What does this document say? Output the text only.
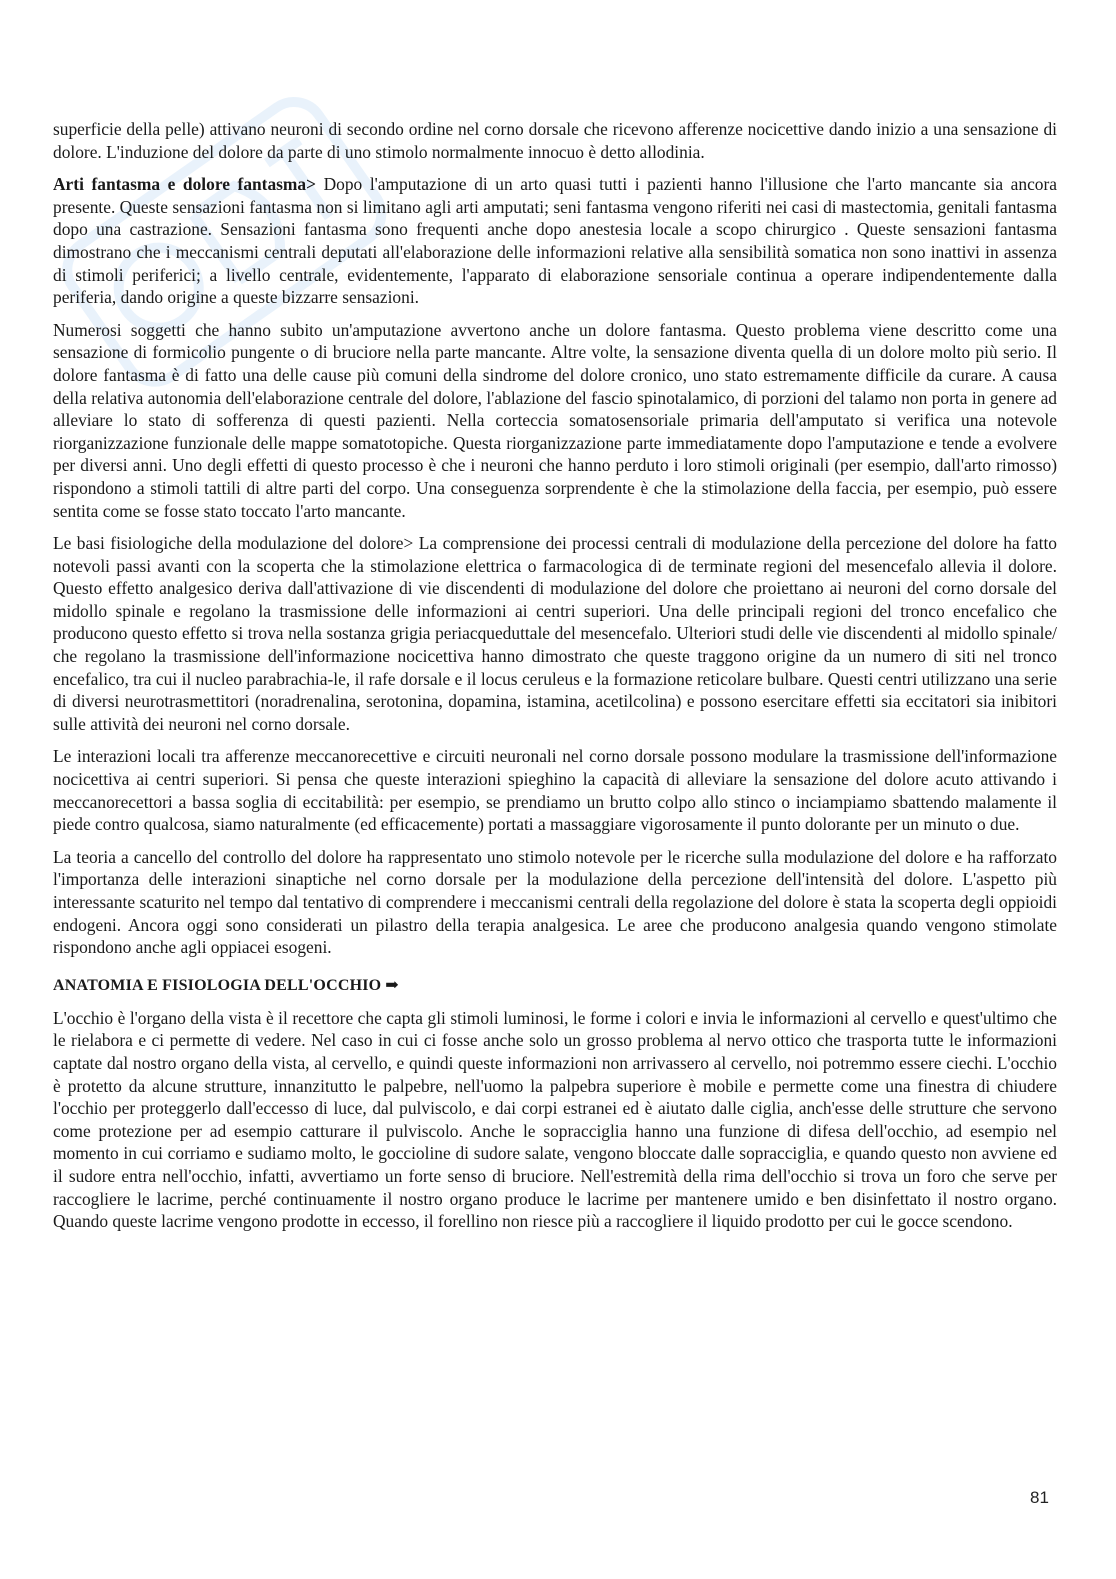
superficie della pelle) attivano neuroni di secondo ordine nel corno dorsale che ricevono afferenze nocicettive dando inizio a una sensazione di dolore. L'induzione del dolore da parte di uno stimolo normalmente innocuo è detto allodinia.

Arti fantasma e dolore fantasma> Dopo l'amputazione di un arto quasi tutti i pazienti hanno l'illusione che l'arto mancante sia ancora presente. Queste sensazioni fantasma non si limitano agli arti amputati; seni fantasma vengono riferiti nei casi di mastectomia, genitali fantasma dopo una castrazione. Sensazioni fantasma sono frequenti anche dopo anestesia locale a scopo chirurgico . Queste sensazioni fantasma dimostrano che i meccanismi centrali deputati all'elaborazione delle informazioni relative alla sensibilità somatica non sono inattivi in assenza di stimoli periferici; a livello centrale, evidentemente, l'apparato di elaborazione sensoriale continua a operare indipendentemente dalla periferia, dando origine a queste bizzarre sensazioni.

Numerosi soggetti che hanno subito un'amputazione avvertono anche un dolore fantasma. Questo problema viene descritto come una sensazione di formicolio pungente o di bruciore nella parte mancante. Altre volte, la sensazione diventa quella di un dolore molto più serio. Il dolore fantasma è di fatto una delle cause più comuni della sindrome del dolore cronico, uno stato estremamente difficile da curare. A causa della relativa autonomia dell'elaborazione centrale del dolore, l'ablazione del fascio spinotalamico, di porzioni del talamo non porta in genere ad alleviare lo stato di sofferenza di questi pazienti. Nella corteccia somatosensoriale primaria dell'amputato si verifica una notevole riorganizzazione funzionale delle mappe somatotopiche. Questa riorganizzazione parte immediatamente dopo l'amputazione e tende a evolvere per diversi anni. Uno degli effetti di questo processo è che i neuroni che hanno perduto i loro stimoli originali (per esempio, dall'arto rimosso) rispondono a stimoli tattili di altre parti del corpo. Una conseguenza sorprendente è che la stimolazione della faccia, per esempio, può essere sentita come se fosse stato toccato l'arto mancante.

Le basi fisiologiche della modulazione del dolore> La comprensione dei processi centrali di modulazione della percezione del dolore ha fatto notevoli passi avanti con la scoperta che la stimolazione elettrica o farmacologica di de terminate regioni del mesencefalo allevia il dolore. Questo effetto analgesico deriva dall'attivazione di vie discendenti di modulazione del dolore che proiettano ai neuroni del corno dorsale del midollo spinale e regolano la trasmissione delle informazioni ai centri superiori. Una delle principali regioni del tronco encefalico che producono questo effetto si trova nella sostanza grigia periacqueduttale del mesencefalo. Ulteriori studi delle vie discendenti al midollo spinale/ che regolano la trasmissione dell'informazione nocicettiva hanno dimostrato che queste traggono origine da un numero di siti nel tronco encefalico, tra cui il nucleo parabrachia-le, il rafe dorsale e il locus ceruleus e la formazione reticolare bulbare. Questi centri utilizzano una serie di diversi neurotrasmettitori (noradrenalina, serotonina, dopamina, istamina, acetilcolina) e possono esercitare effetti sia eccitatori sia inibitori sulle attività dei neuroni nel corno dorsale.

Le interazioni locali tra afferenze meccanorecettive e circuiti neuronali nel corno dorsale possono modulare la trasmissione dell'informazione nocicettiva ai centri superiori. Si pensa che queste interazioni spieghino la capacità di alleviare la sensazione del dolore acuto attivando i meccanorecettori a bassa soglia di eccitabilità: per esempio, se prendiamo un brutto colpo allo stinco o inciampiamo sbattendo malamente il piede contro qualcosa, siamo naturalmente (ed efficacemente) portati a massaggiare vigorosamente il punto dolorante per un minuto o due.

La teoria a cancello del controllo del dolore ha rappresentato uno stimolo notevole per le ricerche sulla modulazione del dolore e ha rafforzato l'importanza delle interazioni sinaptiche nel corno dorsale per la modulazione della percezione dell'intensità del dolore. L'aspetto più interessante scaturito nel tempo dal tentativo di comprendere i meccanismi centrali della regolazione del dolore è stata la scoperta degli oppioidi endogeni. Ancora oggi sono considerati un pilastro della terapia analgesica. Le aree che producono analgesia quando vengono stimolate rispondono anche agli oppiacei esogeni.

ANATOMIA E FISIOLOGIA DELL'OCCHIO ➡

L'occhio è l'organo della vista è il recettore che capta gli stimoli luminosi, le forme i colori e invia le informazioni al cervello e quest'ultimo che le rielabora e ci permette di vedere. Nel caso in cui ci fosse anche solo un grosso problema al nervo ottico che trasporta tutte le informazioni captate dal nostro organo della vista, al cervello, e quindi queste informazioni non arrivassero al cervello, noi potremmo essere ciechi. L'occhio è protetto da alcune strutture, innanzitutto le palpebre, nell'uomo la palpebra superiore è mobile e permette come una finestra di chiudere l'occhio per proteggerlo dall'eccesso di luce, dal pulviscolo, e dai corpi estranei ed è aiutato dalle ciglia, anch'esse delle strutture che servono come protezione per ad esempio catturare il pulviscolo. Anche le sopracciglia hanno una funzione di difesa dell'occhio, ad esempio nel momento in cui corriamo e sudiamo molto, le goccioline di sudore salate, vengono bloccate dalle sopracciglia, e quando questo non avviene ed il sudore entra nell'occhio, infatti, avvertiamo un forte senso di bruciore. Nell'estremità della rima dell'occhio si trova un foro che serve per raccogliere le lacrime, perché continuamente il nostro organo produce le lacrime per mantenere umido e ben disinfettato il nostro organo. Quando queste lacrime vengono prodotte in eccesso, il forellino non riesce più a raccogliere il liquido prodotto per cui le gocce scendono.

81
